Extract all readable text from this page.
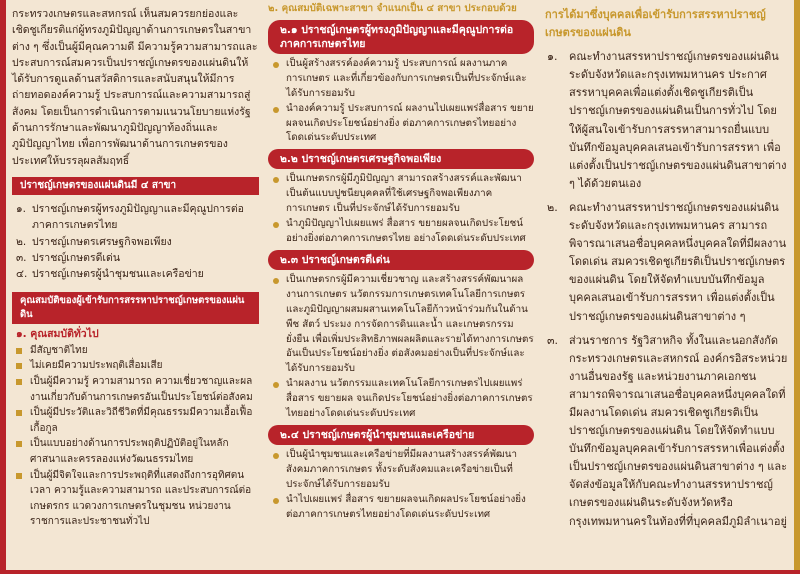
กระทรวงเกษตรและสหกรณ์ เห็นสมควรยกย่องและเชิดชูเกียรติแก่ผู้ทรงภูมิปัญญาด้านการเกษตรในสาขาต่าง ๆ ซึ่งเป็นผู้มีคุณความดี มีความรู้ความสามารถและประสบการณ์สมควรเป็นปราชญ์เกษตรของแผ่นดินให้ได้รับการดูแลด้านสวัสดิการและสนับสนุนให้มีการถ่ายทอดองค์ความรู้ ประสบการณ์และความสามารถสู่สังคม โดยเป็นการดำเนินการตามแนวนโยบายแห่งรัฐด้านการรักษาและพัฒนาภูมิปัญญาท้องถิ่นและภูมิปัญญาไทย เพื่อการพัฒนาด้านการเกษตรของประเทศให้บรรลุผลสัมฤทธิ์

ปราชญ์เกษตรของแผ่นดินมี ๔ สาขา
๑. ปราชญ์เกษตรผู้ทรงภูมิปัญญาและมีคุณูปการต่อภาคการเกษตรไทย
๒. ปราชญ์เกษตรเศรษฐกิจพอเพียง
๓. ปราชญ์เกษตรดีเด่น
๔. ปราชญ์เกษตรผู้นำชุมชนและเครือข่าย
คุณสมบัติของผู้เข้ารับการสรรหาปราชญ์เกษตรของแผ่นดิน
๑. คุณสมบัติทั่วไป
มีสัญชาติไทย
ไม่เคยมีความประพฤติเสื่อมเสีย
เป็นผู้มีความรู้ ความสามารถ ความเชี่ยวชาญและผลงานเกี่ยวกับด้านการเกษตรอันเป็นประโยชน์ต่อสังคม
เป็นผู้มีประวัติและวิถีชีวิตที่มีคุณธรรมมีความเอื้อเฟื้อเกื้อกูล
เป็นแบบอย่างด้านการประพฤติปฏิบัติอยู่ในหลักศาสนาและครรลองแห่งวัฒนธรรมไทย
เป็นผู้มีจิตใจและการประพฤติที่แสดงถึงการอุทิศตนเวลา ความรู้และความสามารถ และประสบการณ์ต่อเกษตรกร แวดวงการเกษตรในชุมชน หน่วยงานราชการและประชาชนทั่วไป
๒. คุณสมบัติเฉพาะสาขา จำแนกเป็น ๔ สาขา ประกอบด้วย
๒.๑ ปราชญ์เกษตรผู้ทรงภูมิปัญญาและมีคุณูปการต่อภาคการเกษตรไทย
เป็นผู้สร้างสรรค์องค์ความรู้ ประสบการณ์ ผลงานภาคการเกษตร และที่เกี่ยวข้องกับการเกษตรเป็นที่ประจักษ์และได้รับการยอมรับ
นำองค์ความรู้ ประสบการณ์ ผลงานไปเผยแพร่สื่อสาร ขยายผลจนเกิดประโยชน์อย่างยิ่ง ต่อภาคการเกษตรไทยอย่างโดดเด่นระดับประเทศ
๒.๒ ปราชญ์เกษตรเศรษฐกิจพอเพียง
เป็นเกษตรกรผู้มีภูมิปัญญา สามารถสร้างสรรค์และพัฒนาเป็นต้นแบบปูชนียบุคคลที่ใช้เศรษฐกิจพอเพียงภาคการเกษตร เป็นที่ประจักษ์ได้รับการยอมรับ
นำภูมิปัญญาไปเผยแพร่ สื่อสาร ขยายผลจนเกิดประโยชน์อย่างยิ่งต่อภาคการเกษตรไทย อย่างโดดเด่นระดับประเทศ
๒.๓ ปราชญ์เกษตรดีเด่น
เป็นเกษตรกรผู้มีความเชี่ยวชาญ และสร้างสรรค์พัฒนาผลงานการเกษตร นวัตกรรมการเกษตรเทคโนโลยีการเกษตร และภูมิปัญญาผสมผสานเทคโนโลยีก้าวหน้าร่วมกันในด้านพืช สัตว์ ประมง การจัดการดินและน้ำ และเกษตรกรรมยั่งยืน เพื่อเพิ่มประสิทธิภาพผลผลิตและรายได้ทางการเกษตร อันเป็นประโยชน์อย่างยิ่ง ต่อสังคมอย่างเป็นที่ประจักษ์และได้รับการยอมรับ
นำผลงาน นวัตกรรมและเทคโนโลยีการเกษตรไปเผยแพร่ สื่อสาร ขยายผล จนเกิดประโยชน์อย่างยิ่งต่อภาคการเกษตรไทยอย่างโดดเด่นระดับประเทศ
๒.๔ ปราชญ์เกษตรผู้นำชุมชนและเครือข่าย
เป็นผู้นำชุมชนและเครือข่ายที่มีผลงานสร้างสรรค์พัฒนาสังคมภาคการเกษตร ทั้งระดับสังคมและเครือข่ายเป็นที่ประจักษ์ได้รับการยอมรับ
นำไปเผยแพร่ สื่อสาร ขยายผลจนเกิดผลประโยชน์อย่างยิ่งต่อภาคการเกษตรไทยอย่างโดดเด่นระดับประเทศ
การได้มาซึ่งบุคคลเพื่อเข้ารับการสรรหาปราชญ์เกษตรของแผ่นดิน
๑. คณะทำงานสรรหาปราชญ์เกษตรของแผ่นดินระดับจังหวัดและกรุงเทพมหานคร ประกาศสรรหาบุคคลเพื่อแต่งตั้งเชิดชูเกียรติเป็นปราชญ์เกษตรของแผ่นดินเป็นการทั่วไป โดยให้ผู้สนใจเข้ารับการสรรหาสามารถยื่นแบบบันทึกข้อมูลบุคคลเสนอเข้ารับการสรรหา เพื่อแต่งตั้งเป็นปราชญ์เกษตรของแผ่นดินสาขาต่าง ๆ ได้ด้วยตนเอง
๒. คณะทำงานสรรหาปราชญ์เกษตรของแผ่นดินระดับจังหวัดและกรุงเทพมหานคร สามารถพิจารณาเสนอชื่อบุคคลหนึ่งบุคคลใดที่มีผลงานโดดเด่น สมควรเชิดชูเกียรติเป็นปราชญ์เกษตรของแผ่นดิน โดยให้จัดทำแบบบันทึกข้อมูลบุคคลเสนอเข้ารับการสรรหา เพื่อแต่งตั้งเป็นปราชญ์เกษตรของแผ่นดินสาขาต่าง ๆ
๓. ส่วนราชการ รัฐวิสาหกิจ ทั้งในและนอกสังกัดกระทรวงเกษตรและสหกรณ์ องค์กรอิสระหน่วยงานอื่นของรัฐ และหน่วยงานภาคเอกชนสามารถพิจารณาเสนอชื่อบุคคลหนึ่งบุคคลใดที่มีผลงานโดดเด่น สมควรเชิดชูเกียรติเป็นปราชญ์เกษตรของแผ่นดิน โดยให้จัดทำแบบบันทึกข้อมูลบุคคลเข้ารับการสรรหาเพื่อแต่งตั้งเป็นปราชญ์เกษตรของแผ่นดินสาขาต่าง ๆ และจัดส่งข้อมูลให้กับคณะทำงานสรรหาปราชญ์เกษตรของแผ่นดินระดับจังหวัดหรือกรุงเทพมหานครในท้องที่ที่บุคคลมีภูมิลำเนาอยู่
